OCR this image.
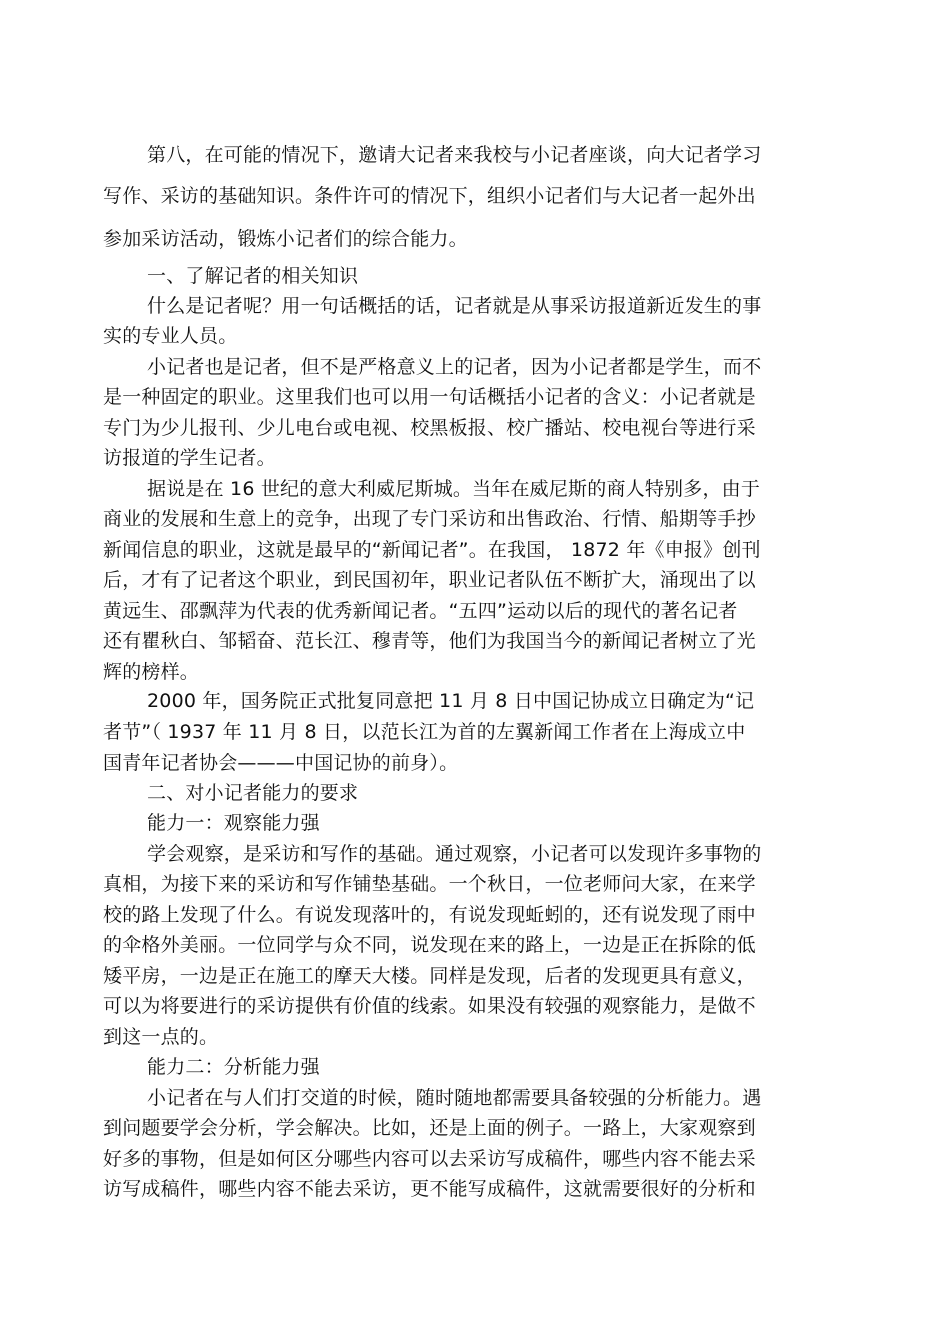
第八，在可能的情况下，邀请大记者来我校与小记者座谈，向大记者学习
写作、采访的基础知识。条件许可的情况下，组织小记者们与大记者一起外出
参加采访活动，锻炼小记者们的综合能力。
一、了解记者的相关知识
什么是记者呢？用一句话概括的话，记者就是从事采访报道新近发生的事
实的专业人员。
小记者也是记者，但不是严格意义上的记者，因为小记者都是学生，而不
是一种固定的职业。这里我们也可以用一句话概括小记者的含义：小记者就是
专门为少儿报刊、少儿电台或电视、校黑板报、校广播站、校电视台等进行采
访报道的学生记者。
据说是在 16 世纪的意大利威尼斯城。当年在威尼斯的商人特别多，由于
商业的发展和生意上的竞争，出现了专门采访和出售政治、行情、船期等手抄
新闻信息的职业，这就是最早的“新闻记者”。在我国， 1872 年《申报》创刊
后，才有了记者这个职业，到民国初年，职业记者队伍不断扩大，涌现出了以
黄远生、邵飘萍为代表的优秀新闻记者。“五四”运动以后的现代的著名记者
还有瞿秋白、邹韬奋、范长江、穆青等，他们为我国当今的新闻记者树立了光
辉的榜样。
2000 年，国务院正式批复同意把 11 月 8 日中国记协成立日确定为“记
者节”（ 1937 年 11 月 8 日，以范长江为首的左翼新闻工作者在上海成立中
国青年记者协会———中国记协的前身）。
二、对小记者能力的要求
能力一：观察能力强
学会观察，是采访和写作的基础。通过观察，小记者可以发现许多事物的
真相，为接下来的采访和写作铺垫基础。一个秋日，一位老师问大家，在来学
校的路上发现了什么。有说发现落叶的，有说发现蚯蚓的，还有说发现了雨中
的伞格外美丽。一位同学与众不同，说发现在来的路上，一边是正在拆除的低
矮平房，一边是正在施工的摩天大楼。同样是发现，后者的发现更具有意义，
可以为将要进行的采访提供有价值的线索。如果没有较强的观察能力，是做不
到这一点的。
能力二：分析能力强
小记者在与人们打交道的时候，随时随地都需要具备较强的分析能力。遇
到问题要学会分析，学会解决。比如，还是上面的例子。一路上，大家观察到
好多的事物，但是如何区分哪些内容可以去采访写成稿件，哪些内容不能去采
访写成稿件，哪些内容不能去采访，更不能写成稿件，这就需要很好的分析和
